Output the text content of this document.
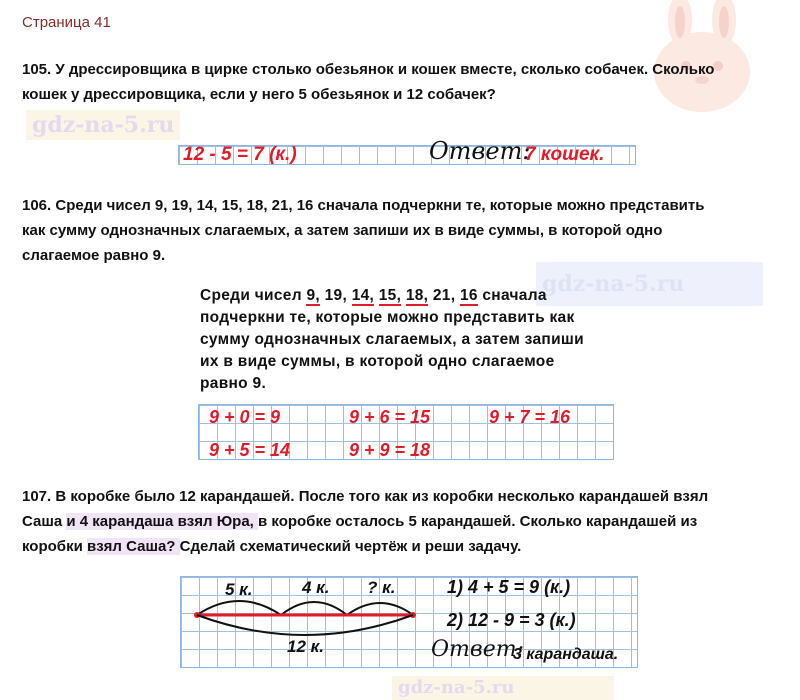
Страница 41
105. У дрессировщика в цирке столько обезьянок и кошек вместе, сколько собачек. Сколько
кошек у дрессировщика, если у него 5 обезьянок и 12 собачек?
gdz-na-5.ru
12 - 5 = 7 (к.)	Ответ:
7 кошек.
106. Среди чисел 9, 19, 14, 15, 18, 21, 16 сначала подчеркни те, которые можно представить
как сумму однозначных слагаемых, а затем запиши их в виде суммы, в которой одно
слагаемое равно 9.
gdz-na-5.ru
Среди чисел 9, 19, 14, 15, 18, 21, 16 сначала
подчеркни те, которые можно представить как
сумму однозначных слагаемых, а затем запиши
их в виде суммы, в которой одно слагаемое
равно 9.
9 + 0 = 9	9 + 6 = 15	9 + 7 = 16
9 + 5 = 14	9 + 9 = 18
107. В коробке было 12 карандашей. После того как из коробки несколько карандашей взял
Саша и 4 карандаша взял Юра, в коробке осталось 5 карандашей. Сколько карандашей из
коробки взял Саша? Сделай схематический чертёж и реши задачу.
5 к.	4 к. ? к.
12 к.
1) 4 + 5 = 9 (к.)
2) 12 - 9 = 3 (к.)
Ответ:
3 карандаша.
gdz-na-5.ru
